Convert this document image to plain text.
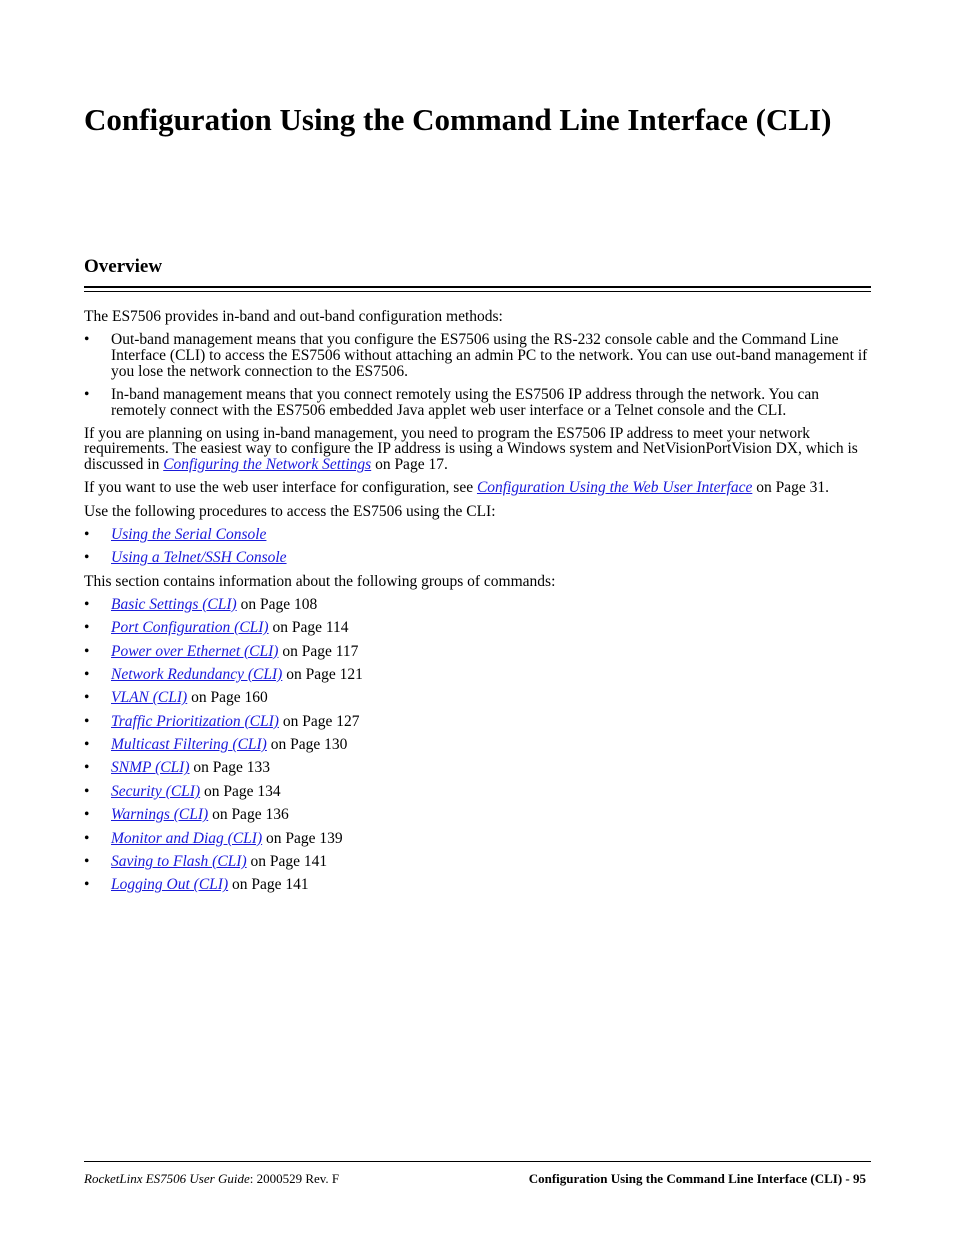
Configuration Using the Command Line Interface (CLI)
Overview

The ES7506 provides in-band and out-band configuration methods:

• Out-band management means that you configure the ES7506 using the RS-232 console cable and the Command Line Interface (CLI) to access the ES7506 without attaching an admin PC to the network. You can use out-band management if you lose the network connection to the ES7506.
• In-band management means that you connect remotely using the ES7506 IP address through the network. You can remotely connect with the ES7506 embedded Java applet web user interface or a Telnet console and the CLI.

If you are planning on using in-band management, you need to program the ES7506 IP address to meet your network requirements. The easiest way to configure the IP address is using a Windows system and NetVisionPortVision DX, which is discussed in Configuring the Network Settings on Page 17.

If you want to use the web user interface for configuration, see Configuration Using the Web User Interface on Page 31.

Use the following procedures to access the ES7506 using the CLI:

• Using the Serial Console
• Using a Telnet/SSH Console

This section contains information about the following groups of commands:

• Basic Settings (CLI) on Page 108
• Port Configuration (CLI) on Page 114
• Power over Ethernet (CLI) on Page 117
• Network Redundancy (CLI) on Page 121
• VLAN (CLI) on Page 160
• Traffic Prioritization (CLI) on Page 127
• Multicast Filtering (CLI) on Page 130
• SNMP (CLI) on Page 133
• Security (CLI) on Page 134
• Warnings (CLI) on Page 136
• Monitor and Diag (CLI) on Page 139
• Saving to Flash (CLI) on Page 141
• Logging Out (CLI) on Page 141
RocketLinx ES7506 User Guide: 2000529 Rev. F	Configuration Using the Command Line Interface (CLI) - 95
